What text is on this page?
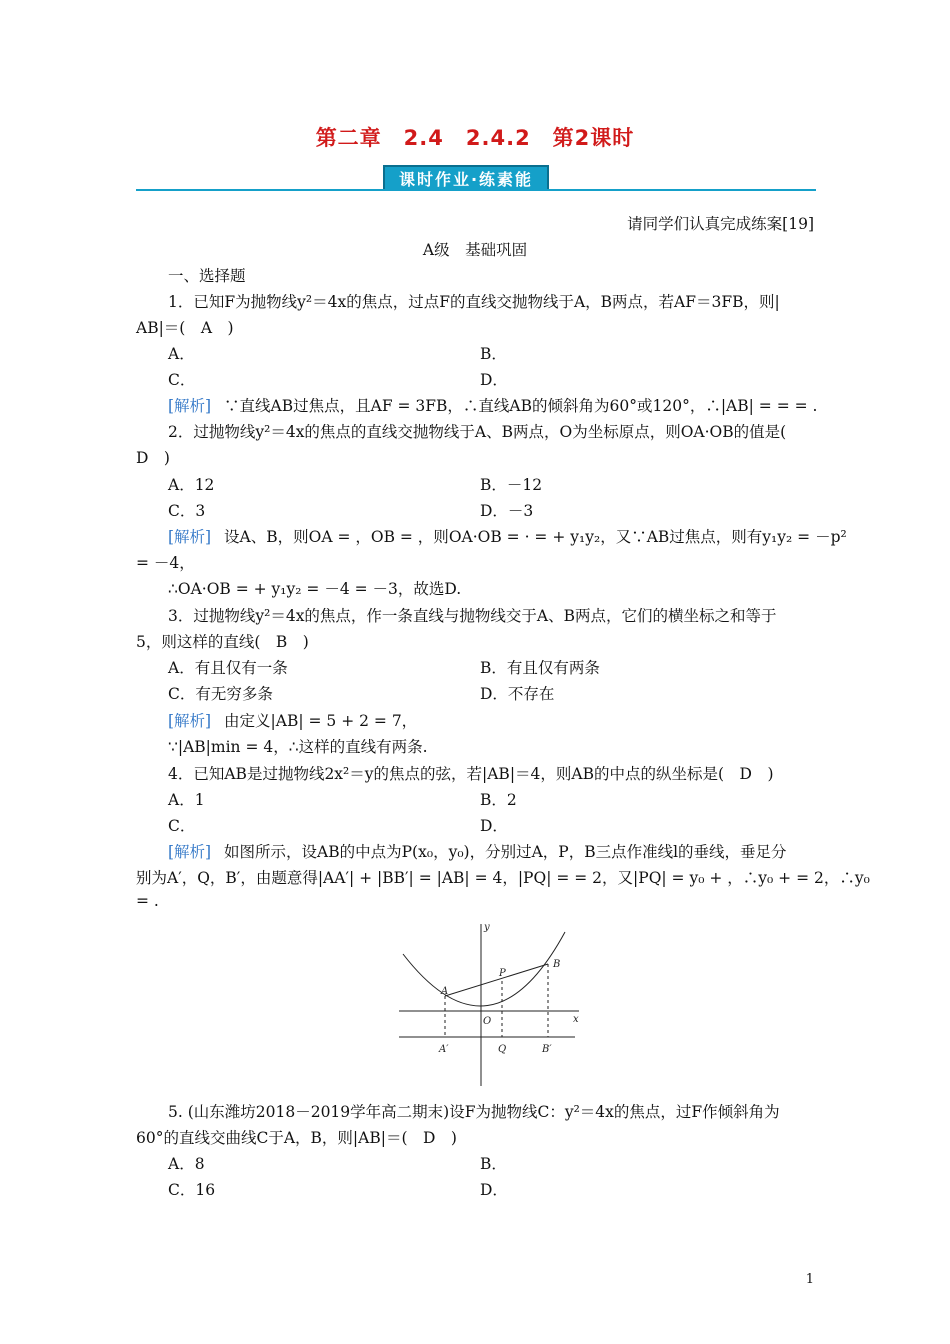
第二章　2.4　2.4.2　第2课时
课时作业·练素能
请同学们认真完成练案[19]
A级　基础巩固
一、选择题
1．已知F为抛物线y²＝4x的焦点，过点F的直线交抛物线于A，B两点，若AF＝3FB，则|
AB|＝(　A　)
A．	B．
C．	D．
[解析] ∵直线AB过焦点，且AF = 3FB，∴直线AB的倾斜角为60°或120°，∴|AB| = = = .
2．过抛物线y²＝4x的焦点的直线交抛物线于A、B两点，O为坐标原点，则OA·OB的值是(
D　)
A．12	B．－12
C．3	D．－3
[解析] 设A、B，则OA = ，OB = ，则OA·OB = · = + y₁y₂，又∵AB过焦点，则有y₁y₂ = －p²
= －4，
∴OA·OB = + y₁y₂ = －4 = －3，故选D.
3．过抛物线y²＝4x的焦点，作一条直线与抛物线交于A、B两点，它们的横坐标之和等于
5，则这样的直线(　B　)
A．有且仅有一条	B．有且仅有两条
C．有无穷多条	D．不存在
[解析] 由定义|AB| = 5 + 2 = 7，
∵|AB|min = 4，∴这样的直线有两条.
4．已知AB是过抛物线2x²＝y的焦点的弦，若|AB|＝4，则AB的中点的纵坐标是(　D　)
A．1	B．2
C．	D．
[解析] 如图所示，设AB的中点为P(x₀，y₀)，分别过A，P，B三点作准线l的垂线，垂足分
别为A′，Q，B′，由题意得|AA′| + |BB′| = |AB| = 4，|PQ| = = 2，又|PQ| = y₀ + ，∴y₀ + = 2，∴y₀
= .
y
x
O
A
B
P
A′	Q	B′
5. (山东潍坊2018－2019学年高二期末)设F为抛物线C：y²＝4x的焦点，过F作倾斜角为
60°的直线交曲线C于A，B，则|AB|＝(　D　)
A．8	B．
C．16	D．
1
